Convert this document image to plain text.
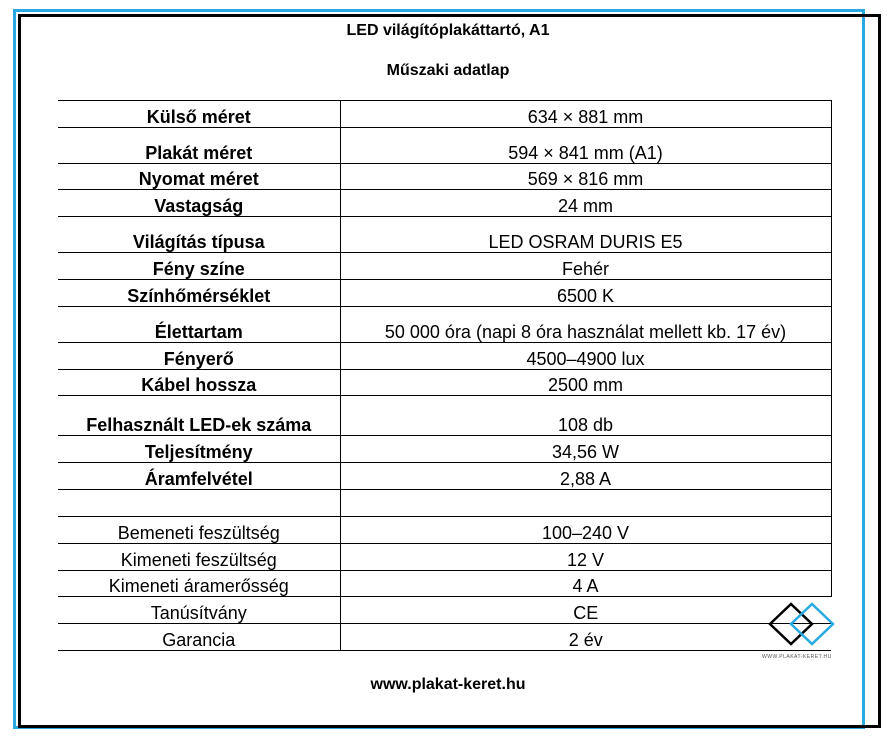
LED világítóplakáttartó, A1
Műszaki adatlap
Külső méret	634 × 881 mm
Plakát méret	594 × 841 mm (A1)
Nyomat méret	569 × 816 mm
Vastagság	24 mm
Világítás típusa	LED OSRAM DURIS E5
Fény színe	Fehér
Színhőmérséklet	6500 K
Élettartam	50 000 óra (napi 8 óra használat mellett kb. 17 év)
Fényerő	4500–4900 lux
Kábel hossza	2500 mm
Felhasznált LED-ek száma	108 db
Teljesítmény	34,56 W
Áramfelvétel	2,88 A

Bemeneti feszültség	100–240 V
Kimeneti feszültség	12 V
Kimeneti áramerősség	4 A
Tanúsítvány	CE
Garancia	2 év
WWW.PLAKAT-KERET.HU
www.plakat-keret.hu
